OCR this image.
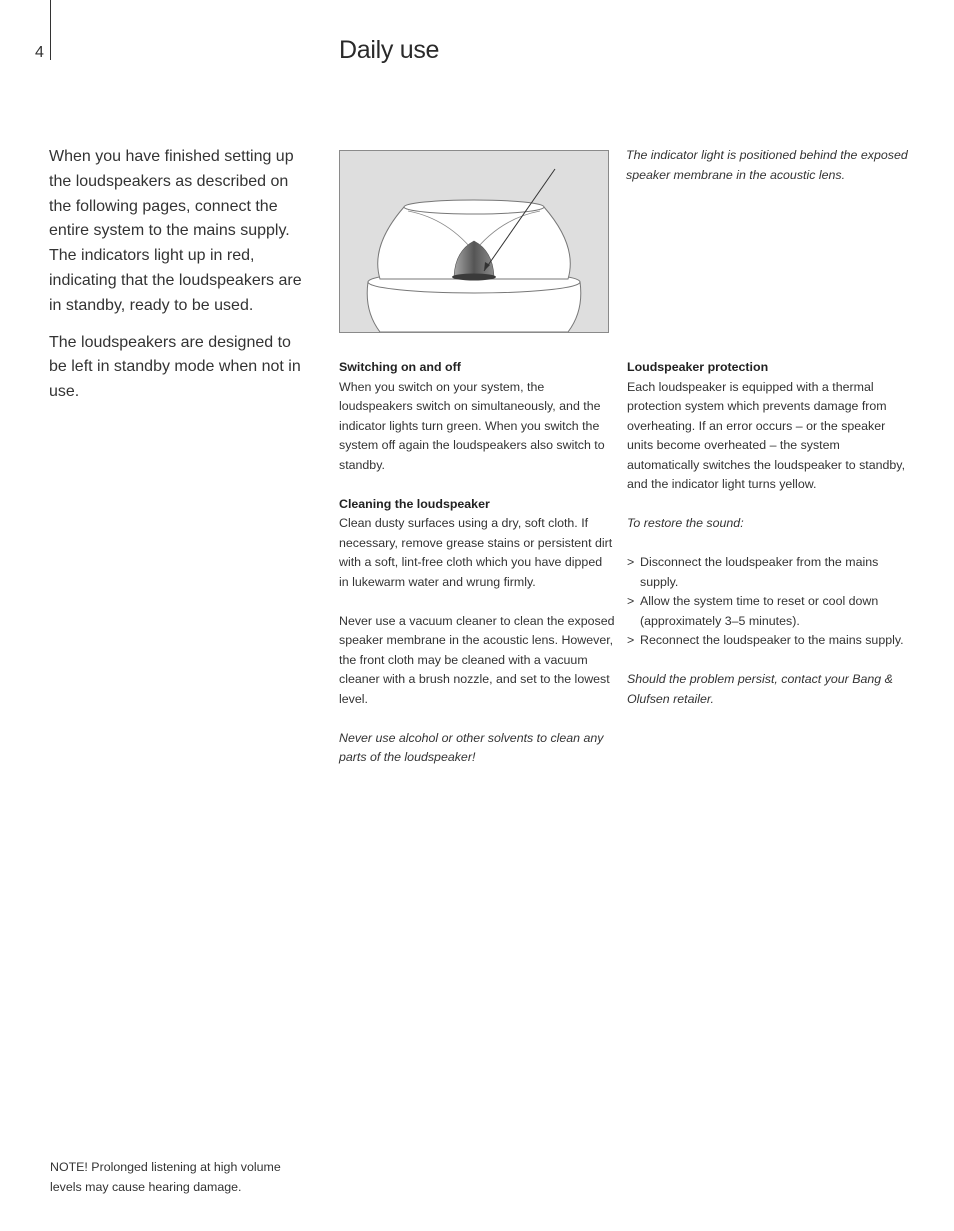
4	Daily use

When you have finished setting up the loudspeakers as described on the following pages, connect the entire system to the mains supply. The indicators light up in red, indicating that the loudspeakers are in standby, ready to be used.

The loudspeakers are designed to be left in standby mode when not in use.

The indicator light is positioned behind the exposed speaker membrane in the acoustic lens.
Switching on and off

When you switch on your system, the loudspeakers switch on simultaneously, and the indicator lights turn green. When you switch the system off again the loudspeakers also switch to standby.

Cleaning the loudspeaker

Clean dusty surfaces using a dry, soft cloth. If necessary, remove grease stains or persistent dirt with a soft, lint-free cloth which you have dipped in lukewarm water and wrung firmly.

Never use a vacuum cleaner to clean the exposed speaker membrane in the acoustic lens. However, the front cloth may be cleaned with a vacuum cleaner with a brush nozzle, and set to the lowest level.

Never use alcohol or other solvents to clean any parts of the loudspeaker!

Loudspeaker protection

Each loudspeaker is equipped with a thermal protection system which prevents damage from overheating. If an error occurs – or the speaker units become overheated – the system automatically switches the loudspeaker to standby, and the indicator light turns yellow.

To restore the sound:

> Disconnect the loudspeaker from the mains supply.
> Allow the system time to reset or cool down (approximately 3–5 minutes).
> Reconnect the loudspeaker to the mains supply.

Should the problem persist, contact your Bang & Olufsen retailer.

NOTE! Prolonged listening at high volume levels may cause hearing damage.
